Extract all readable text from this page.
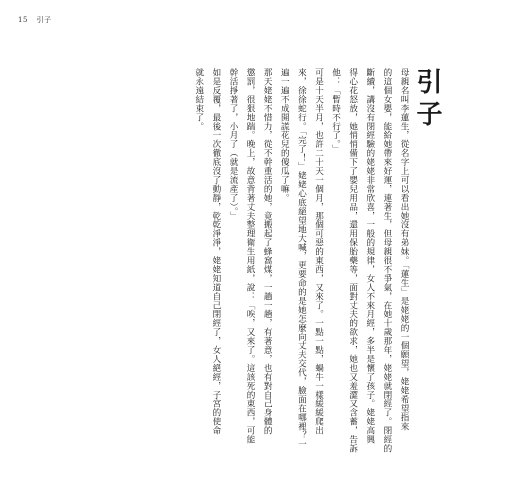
15 引子
引子
母親名叫李蓮生，從名字上可以看出她沒有弟妹。「蓮生」是姥姥的一個願望，姥姥希望指來
的這個女嬰，能給她帶來好運，連著生，但母親很不爭氣，在她十歲那年，姥姥就閉經了。閉經的
斷續，講沒有閉經驗的姥姥非常欣喜，一般的規律，女人不來月經，多半是懷了孩子。姥姥高興
得心花怒放，她悄悄備下了嬰兒用品，還用保胎藥等，面對丈夫的欲求，她也又羞澀又含蓄，告訴
他：「暫時不行了。」
可是十天半月，也許二十天一個月，那個可惡的東西，又來了。一點一點，蝸牛一樣緩緩爬出
來，徐徐蛇行。「完了！」姥姥心底絕望地大喊，更要命的是她怎麼向丈夫交代，臉面在哪裡？一
遍一遍不成開謊花兒的傻瓜了嘛。
那天姥姥不惜力，從不幹重活的她，竟搬起了蜂窩煤，一趟一趟，有著意，也有對自己身體的
懲罰，很狠地踹。晚上，故意背著丈夫整理衛生用紙，說：「唉，又來了。這該死的東西，可能
幹活掙著了，小月了（就是流產了）。」
如是反覆，最後一次徹底沒了動靜，乾乾淨淨，姥姥知道自己閉經了，女人絕經，子宮的使命
就永遠結束了。
